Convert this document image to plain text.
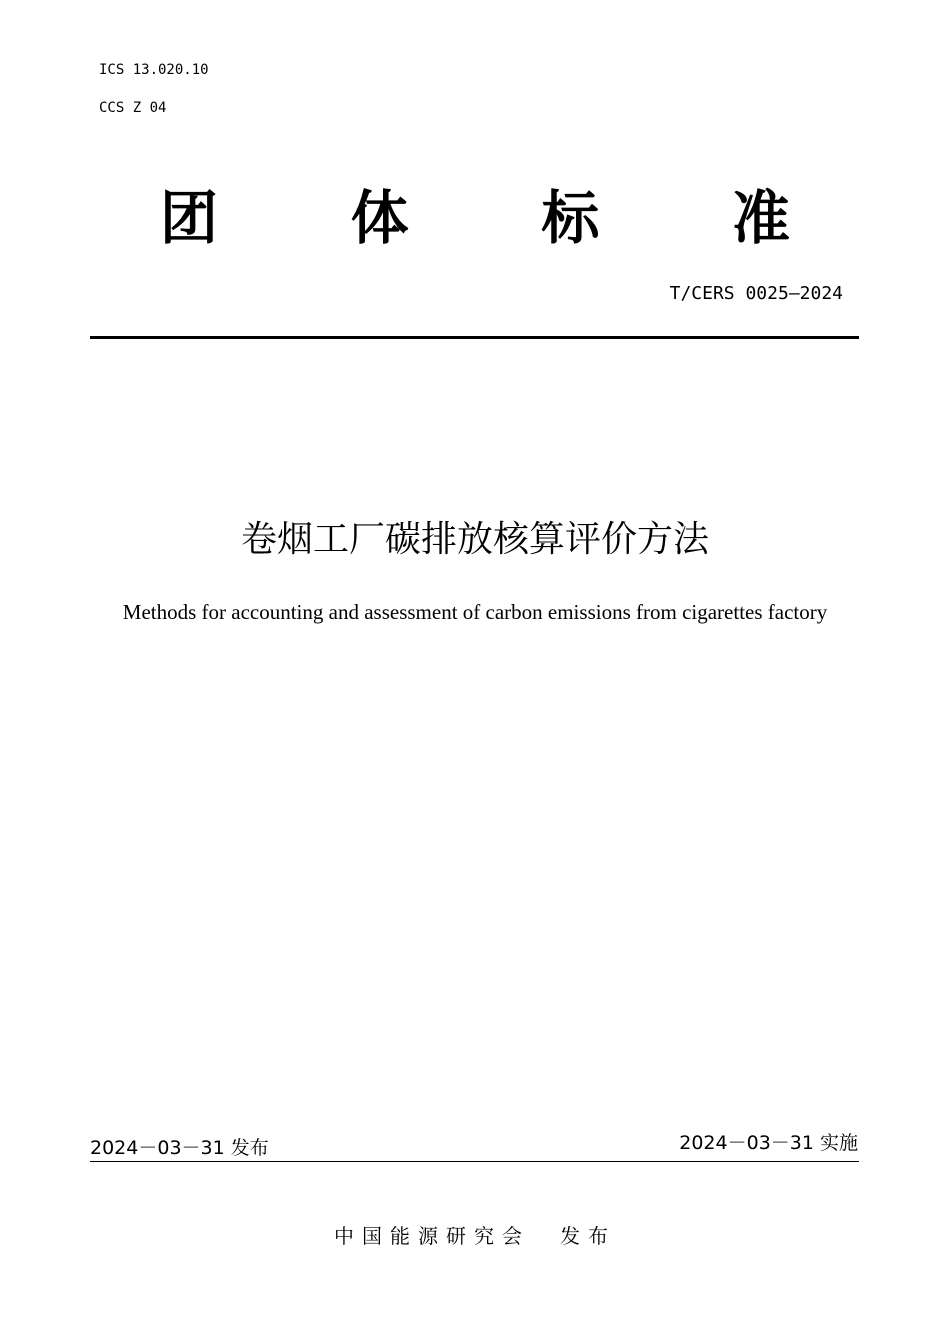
ICS 13.020.10
CCS Z 04
团 体 标 准
T/CERS 0025—2024
卷烟工厂碳排放核算评价方法
Methods for accounting and assessment of carbon emissions from cigarettes factory
2024－03－31 发布	2024－03－31 实施
中国能源研究会 发布
